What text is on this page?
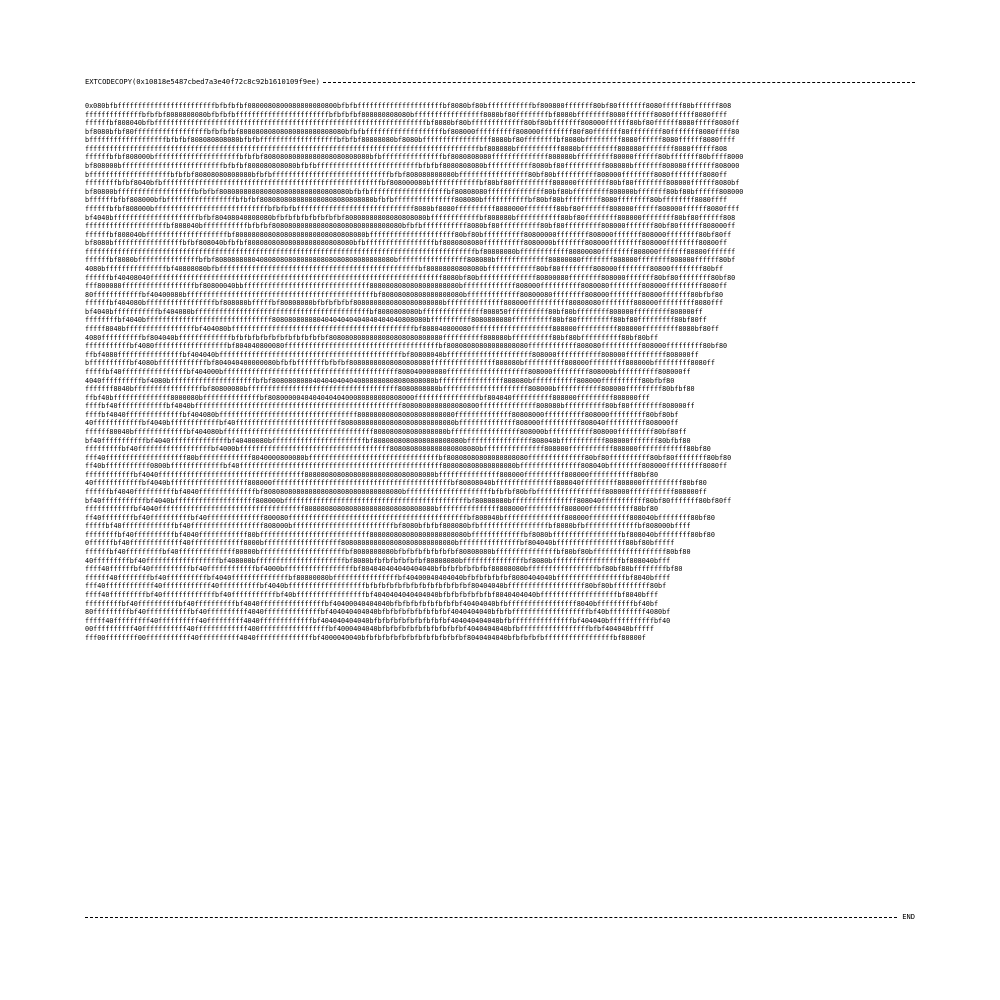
EXTCODECOPY(0x10818e5487cbed7a3e40f72c8c92b1610109f9ee)
0x080bfbffffffffffffffffffffffffbfbfbfbf0800080800080800080800bfbfbfffffffffffffffffffffbf8080bf80bfffffffffffbf800800fffffff80bf80fffffff8080fffff80bffffff808
ffffffffffffffbfbfbf8080808080bfbfbfbfffffffffffffffffffffffbfbfbfbf808080808080bfffffffffffffffff8080bf80ffffffffbf8080bffffffff8080fffffff8080ffffff8080ffff
ffffffbf808040bfbfffffffffffffffffffffffffffffffffffffffffffffffffffffffffffffffffffbf8080bf80bfffffffffffff80bf80bfffffff808000ffffff80bf80ffffff8080fffff8080ff
bf8080bfbf80ffffffffffffffffffbfbfbfbf80808080808080808080808080bfbfbfffffffffffffffffffbf808000ffffffffff808000ffffffff80f80fffffff80ffffffff80fffffff8080ffff80
bfffffffffffffffffffbfbfbf808080808080bfbfbfffffffffffffffffffbfbfbf80808080bf8080bfffffffffffffffff8080bf80ffffffffbf8080bfffffffff8080ffffff8080ffffff8080ffff
fffffffffffffffffffffffffffffffffffffffffffffffffffffffffffffffffffffffffffffffffffffffffffffffffbf808080bfffffffffff8080bfffffffff808080ffffffff8080ffffff808
ffffffbfbf808000bfffffffffffffffffffffbfbfbf80808080808080808080808080bfbfffffffffffffffbf8080808080ffffffffffffff808080bfffffffff80000ffffff80bfffffff80bffff8000
bf808000bfffffffffffffffffffffffffbfbfbf808080808080bfbfbfffffffffffffffffffffffffbfbfbf8080808080bfffffffffff8080bf80ffffffffff808080bfffffff808080fffffff808000
bffffffffffffffffffffbfbfbf80808080808080bfbfbfffffffffffffffffffffffffffffbfbf808080808080bfffffffffffffffff80bf80bffffffffff808000ffffffff8080ffffffff8080ff
ffffffffbfbf8040bfbffffffffffffffffffffffffffffffffffffffffffffffffffffffbf808000080bffffffffffffbf80bf80ffffffffff808000ffffffff80bf80ffffffff808000ffffff8080bf
bf80800bfffffffffffffffffffbfbfbf80808080808080808080808080808080bfbfbfffffffffffffffffffbf80808080ffffffffffffff80bf80bfffffffff808000bfffffff80bf80bffffff808000
bffffffbfbf808000bfbfffffffffffffffffbfbfbf8080808080808080808080808080bfbfbfffffffffffffff808080bfffffffffffbf80bf80bfffffffff8080ffffffff80bffffffff8080ffff
ffffffbfbf808000bffffffffffffffffffffffffffffbfbfbfbfffffffffffffffffffffffffffff8080bf8080ffffffffff8080000ffffffff80bf80fffffff808000ffffff808000ffffff8080ffff
bf4040bfffffffffffffffffffffbfbf80408040808080bfbfbfbfbfbfbfbfbf80808080808080808080bffffffffffffbf808080bfffffffffff80bf80ffffffff808000ffffffff80bf80ffffff808
ffffffffffffffffffffbf808040bfffffffffffbfbfbf80808080808080808080808080808080bfbfbfffffffffff8080bf80ffffffffff80bf80fffffffff808000fffffff80bf80ffffff808000ff
ffffffbf808040bffffffffffffffffffffbf80808080808080808080808080808080bfffffffffffffffffffff80bf80bffffffffff80800000ffffffff808000fffffff808000ffffffff80bf80ff
bf8080bfffffffffffffffffbfbf808040bfbfbf80808080808080808080808080bfbfffffffffffffffffbf8080808080ffffffffff8080000bfffffff808000ffffffff808000ffffffff80800ff
ffffffffffffffffffffffffffffffffffffffffffffffffffffffffffffffffffffffffffffffffffffffffffffffffbf80808080bffffffffffff80800080ffffffff808000fffffff80800fffffff
ffffffbf8080bfffffffffffffffbfbf80808080804080808080808080808080808080808080bfffffffffffffffff808080bfffffffffffff80800080ffffffff808000ffffffff808000ffffff80bf
4080bfffffffffffffffbf40808080bfbfffffffffffffffffffffffffffffffffffffffffffffffffbf80808080808080bffffffffffff80bf80ffffffff808000ffffffff80800ffffffff80bff
ffffffbf40408040ffffffffffffffffffffffffffffffffffffffffffffffffffffffffffffffffffffffff8080bf80bffffffffffffff80800080ffffffff808000fffffff80bf80ffffffff80bf80
fff800080ffffffffffffffffffbf80800040bbfffffffffffffffffffffffffffffff8080808080808080808080bfffffffffffff808000ffffffffff8080080ffffffff808000fffffffff8080ff
80ffffffffffffbf40400080bffffffffffffffffffffffffffffffffffffffffffffffbf80808080808080808080bfffffffffffff80800080ffffffff808000ffffffff80800fffffff80bfbf80
ffffffbf404080bfffffffffffffffffbf808080bfffffbf80808080bfbfbfbfbf8080808080808080808080bffffffffffffff808000ffffffffff80808080ffffffff808000fffffffff8080fff
bf4040bfffffffffffbf404080bfffffffffffffffffffffffffffffffffffffffffffbf8080808080bfffffffffffffff808050ffffffffff80bf80bffffffff808000fffffffff808000ff
ffffffffbf4040bfffffffffffffffffffffffffffffff80808080808040404040404040404040808080bffffffffff8080800080ffffffffff80bf80fffffffff80bf80fffffffff80bf80ff
fffff8040bfffffffffffffffffbf404080bfffffffffffffffffffffffffffffffffffffffffffffbf808040800080ffffffffffffffffffff808000ffffffffff808000fffffffff8080bf80ff
4080ffffffffffbf804040bfffffffffffffbfbfbfbfbfbfbfbfbfbfbfbf8080808080808080808080808080ffffffffff808080bffffffffff80bf80bffffffffff80bf80bff
fffffffffffbf4080ffffffffffffffffffbf804040800080ffffffffffffffffffffffffffffffffffffffbf80808080808080808080ffffffffffff808080ffffffffff808000fffffffff80bf80
ffbf4080ffffffffffffffffbf404040bfffffffffffffffffffffffffffffffffffffffffffffbf80808040bfffffffffffffffffffff808000fffffffffff808000ffffffffff808000ff
bffffffffffbf4080bffffffffffffbf804040400000080bfbfbfffffffbfbfbf80808080808080808080ffffffffffffffff808080bffffffffff808000fffffffff808000bfffffffff8080ff
fffffbf40ffffffffffffffffbf404000bfffffffffffffffffffffffffffffffffffffffffff808040000080ffffffffffffffffffff808000fffffffff808000bffffffffff808000ff
4040ffffffffffbf4080bfffffffffffffffffffffbfbf8080808080404040404040808080808080808080bffffffffffffffff808080bfffffffffff808000ffffffffff80bfbf80
fffffff8040bfffffffffffffffffbf80800080bfffffffffffffffffffffffffffffffffffff8080808080bfffffffffffffffffffff808000bfffffffffff808000fffffffff80bfbf80
ffbf40bffffffffffffff8000080bffffffffffffffbf808000004040404040400080808080808000ffffffffffffffffbf804040ffffffffff808000fffffffff808000fff
ffffbf40ffffffffffffbf4040bfffffffffffffffffffffffffffffffffffffffffffffffffff8080808080808080800ffffffffffffff808080bffffffffff80bf80ffffffff808000ff
ffffbf4040ffffffffffffffbf404080bffffffffffffffffffffffffffffffffff808080808080808080808080ffffffffffffff80808000ffffffffff808000fffffffff80bf80bf
40ffffffffffffbf4040bffffffffffffbf40ffffffffffffffffffffffffff8080808080808080808080808080bffffffffffffff808000ffffffffff808040ffffffffff808000ff
ffffff80040bfffffffffffffbf404080bfffffffffffffffffffffffffffffffffffff808080808080808080bfffffffffffffffff808000bfffffffffff808000fffffffff80bf80ff
bf40fffffffffffbf4040ffffffffffffffbf40400080bfffffffffffffffffffffffbf8080808080808080808080bffffffffffffffff808040bfffffffffff808000fffffff80bfbf80
fffffffffbf40ffffffffffffffffffbf4000bfffffffffffffffffffffffffffffffffffff8080808080808080808080bfffffffffffffff808000fffffffffff808000ffffffffffff80bf80
fff40ffffffffffffffffffff80bfffffffffffff8040000800080bffffffffffffffffffffffffffffffffbf80808080808080808080ffffffffffffff80bf80ffffffffff80bf80ffffffff80bf80
ff40bfffffffffff0800bfffffffffffffbf40ffffffffffffffffffffffffffffffffffffffffffffffffff808080808080808080bfffffffffffffff808040bffffffff808000fffffffff8080ff
ffffffffffffbf4040ffffffffffffffffffffffffffffffffffff80808080808080808080808080808080bfffffffffffffff808000ffffffffff808000fffffffffff80bf80
40ffffffffffffbf4040bfffffffffffffffffff808000ffffffffffffffffffffffffffffffffffffffffffffbf80808040bfffffffffffffff808040fffffffff808000ffffffffff80bf80
ffffffbf4040ffffffffffbf4040ffffffffffffffbf8080808080808080808080808080808080bfffffffffffffffffffffbfbfbf80bfbfffffffffffffffff808000fffffffffff808000ff
bf40fffffffffffbf4040bffffffffffffffffffff808000bfffffffffffffffffffffffffffffffffffffffffffffbf80808080bffffffffffffffff808040fffffffffff80bf80fffffff80bf80ff
ffffffffffffbf4040ffffffffffffffffffffffffffffffffffff80808080808080808080808080808080bfffffffffffffff808000ffffffffff808000fffffffffff80bf80
ff40ffffffffbf40ffffffffffbf40ffffffffffffff800080ffffffffffffffffffffffffffffffffffffffffffffbf808040bfffffffffffffff808000ffffffffff808040bffffffff80bf80
fffffbf40fffffffffffffbf40ffffffffffffffffff808000bfffffffffffffffffffffffffbf8080bfbfbf808080bfbfffffffffffffffffbf8080bfbfffffffffffffbf808000bffff
ffffffffbf40ffffffffffbf4040ffffffffffff80bfffffffffffffffffffffffffff808080808080808080808080bfffffffffffffbf8080bfffffffffffffffffbf808040bffffffff80bf80
0ffffffbf40fffffffffffff40fffffffffffff8000bfffffffffffffffffff8080808080808080808080808080bfffffffffffffffbf804040bfffffffffffffffff80bf80bfffff
ffffffbf40fffffffffbf40ffffffffffffff80800bfffffffffffffffffffffbf8080808080bfbfbfbfbfbfbfbf80808080bfffffffffffffffbf80bf80bffffffffffffffffff80bf80
40fffffffffbf40ffffffffffffffffffbf408000bffffffffffffffffffffffbf8080bfbfbfbfbfbfbf80808080bfffffffffffffffbf8080bfffffffffffffffffbf808040bfff
ffff40ffffffbf40ffffffffffbf40ffffffffffffbf4000bfffffffffffffffffbf804040404040404040bfbfbfbfbfbfbf80808080bfffffffffffffffffbf80bf80bffffffffbf80
ffffff40ffffffffbf40ffffffffffbf4040ffffffffffffffbf80800080bffffffffffffffffbf40400040404040bfbfbfbfbfbf8080404040bfffffffffffffffffbf8040bffff
fff40ffffffffffff40ffffffffffff40ffffffffffbf4040bfffffffffffffffffffbfbfbfbfbfbfbfbfbfbfbfbfbf80404040bfffffffffffffffffff80bf80bfffffffff80bf
ffff40fffffffffbf40fffffffffffffbf40fffffffffffbf40bfffffffffffffffffbf4040404040404040bfbfbfbfbfbfbf8040404040bfffffffffffffffffffbf8040bfff
fffffffffbf40ffffffffffbf40ffffffffffbf4040ffffffffffffffffbf40400040404040bfbfbfbfbfbfbfbfbf40404040bfbfffffffffffffffff8040bfffffffffbf40bf
80fffffffffbf40fffffffffffbf40ffffffffff4040ffffffffffffffbf404040404040bfbfbfbfbfbfbfbfbf4040404040bfbfbfffffffffffffffffffbf40bfffffffff4080bf
fffff40fffffffff40ffffffffff40fffffffff4040fffffffffffffbf404040404040bfbfbfbfbfbfbfbfbfbf404040404040bfbfffffffffffffffbf404040bfffffffffffbf40
00ffffffffff40fffffffffff40fffffffffffff400fffffffffffffffffbf4000404040bfbfbfbfbfbfbfbfbfbfbf4040404040bfbfffffffffffffffffbfbf404040bfffff
fff00ffffffff00fffffffffff40ffffffffff4040ffffffffffffffbf4000040040bfbfbfbfbfbfbfbfbfbfbfbfbf8040404040bfbfbfbfbfffffffffffffffffbf80800f
END
